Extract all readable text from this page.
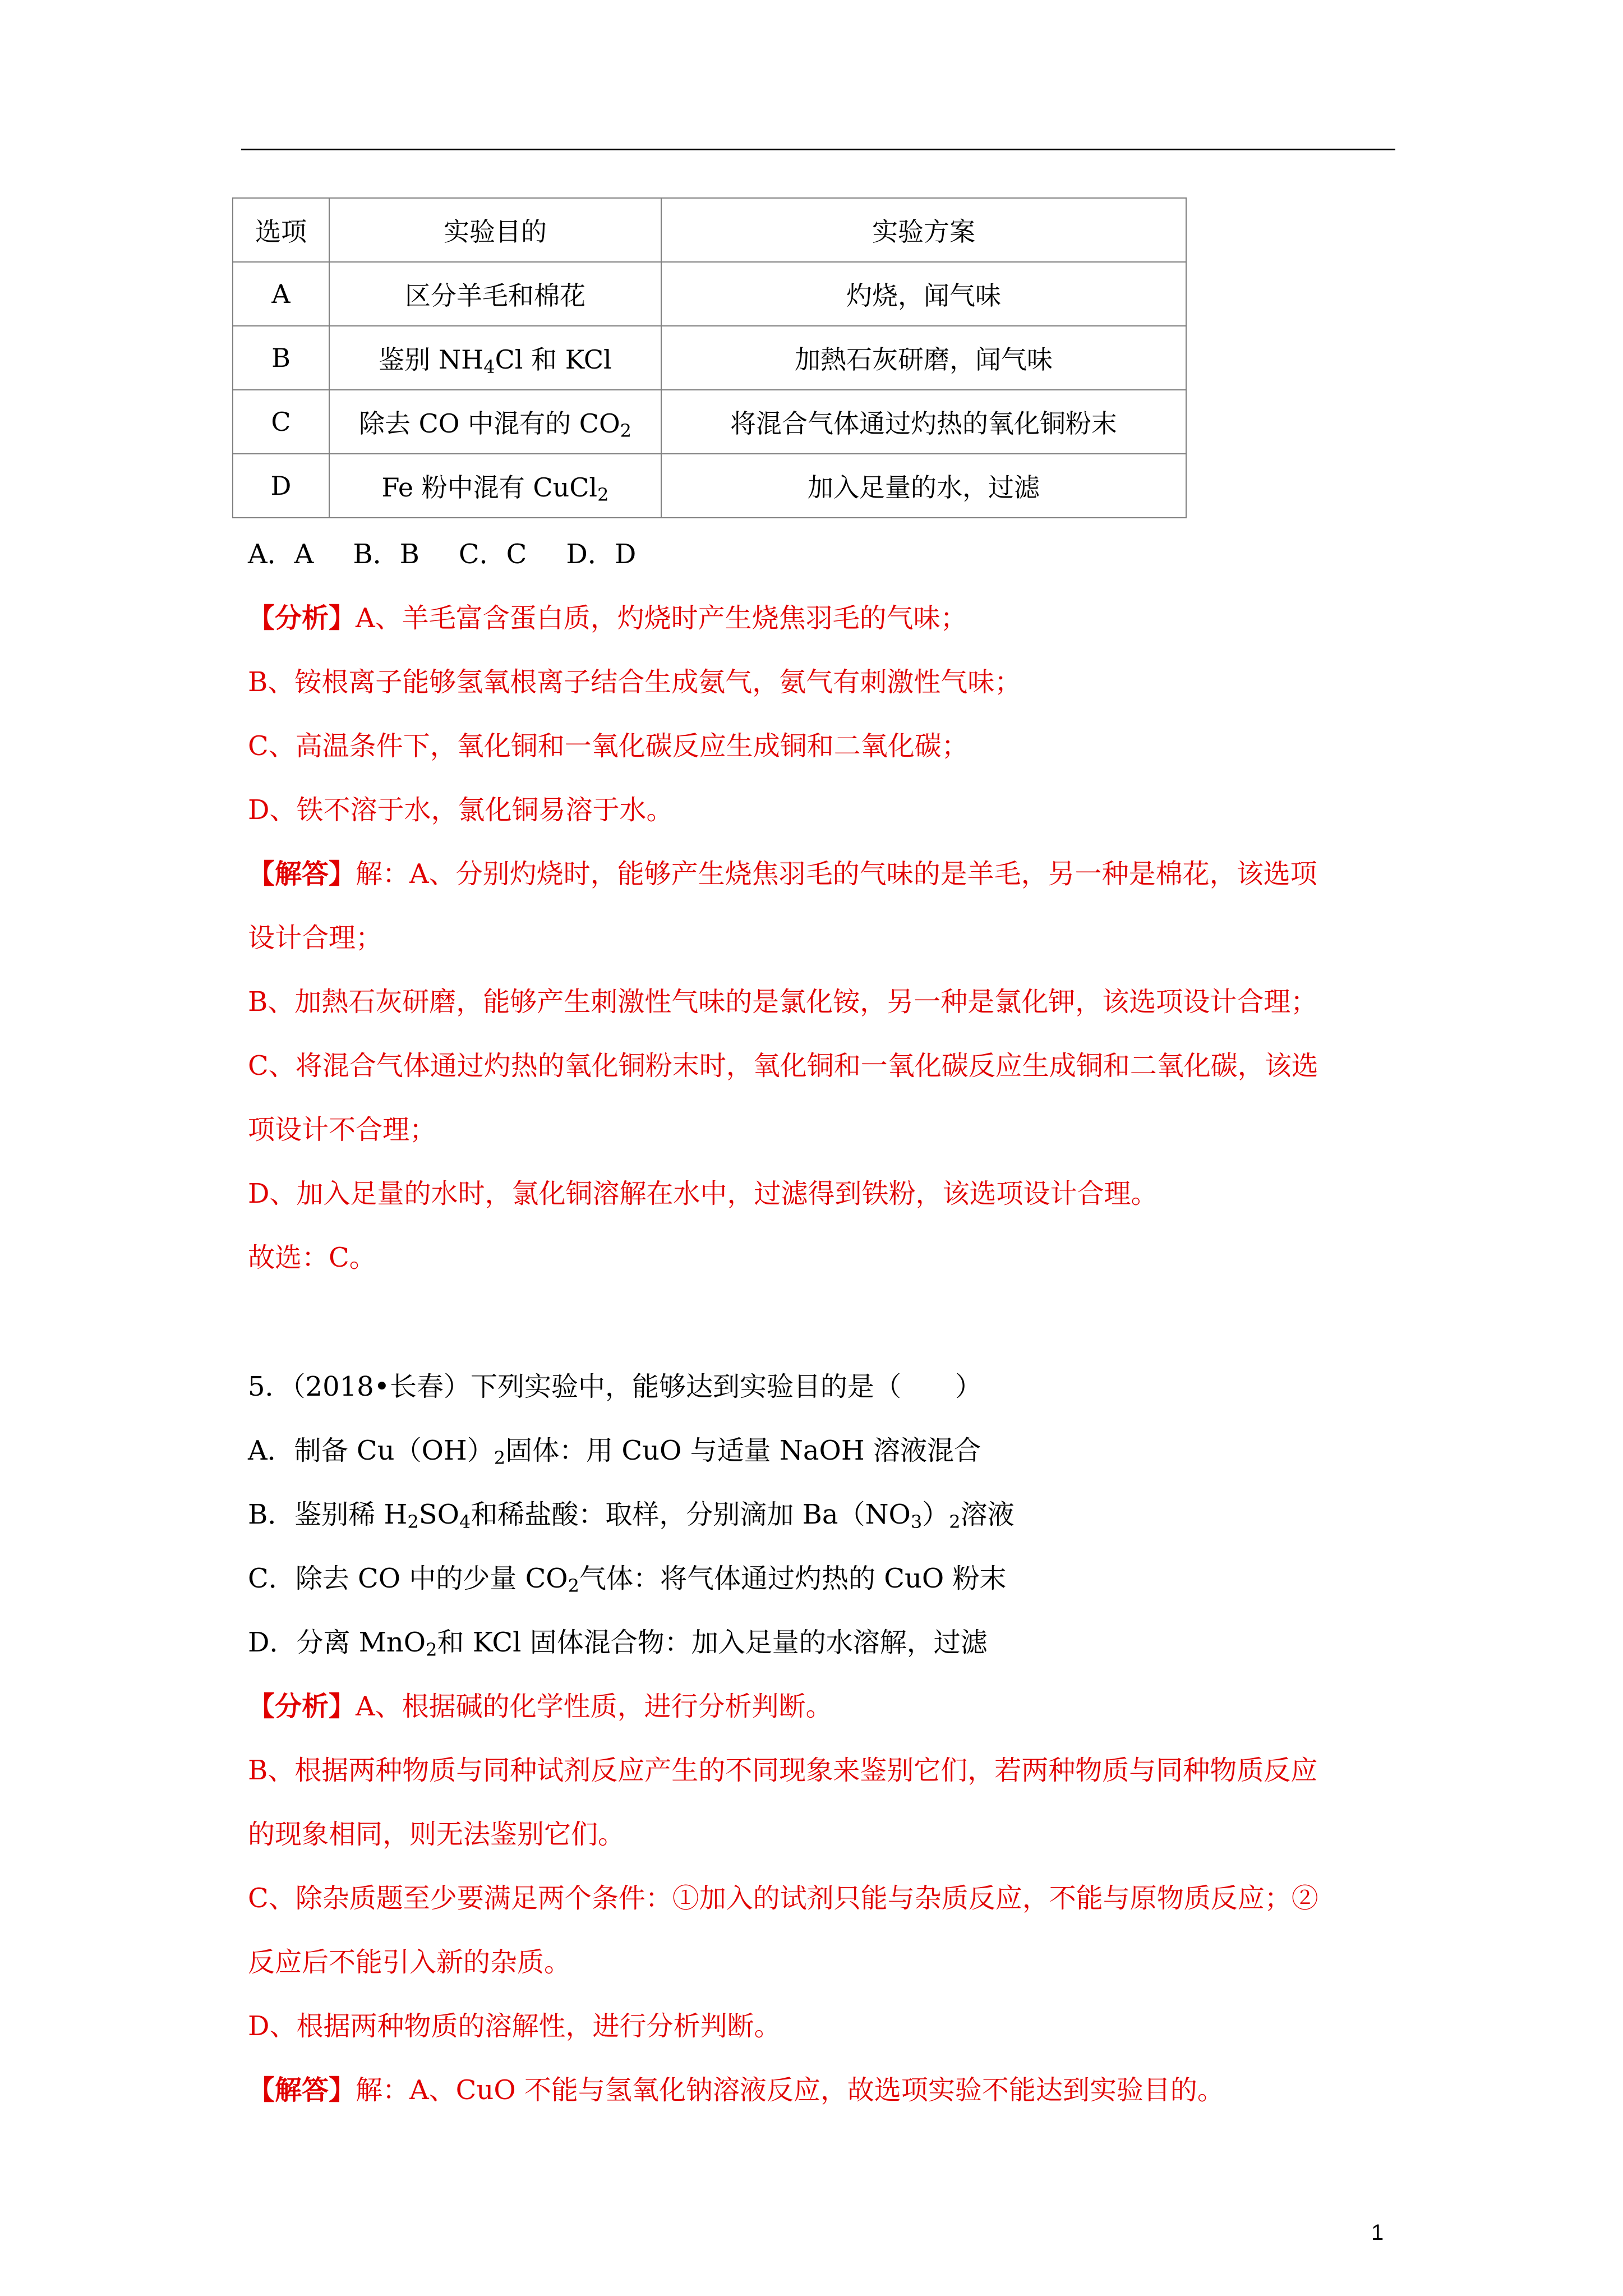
选项	实验目的	实验方案
A	区分羊毛和棉花	灼烧，闻气味
B	鉴别 $NH_4Cl$ 和 KCl	加熱石灰研磨，闻气味
C	除去 CO 中混有的 $CO_2$	将混合气体通过灼热的氧化铜粉末
D	Fe 粉中混有 CuCl$_2$	加入足量的水，过滤
A．A B．B C．C D．D
【分析】A、羊毛富含蛋白质，灼烧时产生烧焦羽毛的气味；
B、铵根离子能够氢氧根离子结合生成氨气，氨气有刺激性气味；
C、高温条件下，氧化铜和一氧化碳反应生成铜和二氧化碳；
D、铁不溶于水，氯化铜易溶于水。
【解答】解：A、分别灼烧时，能够产生烧焦羽毛的气味的是羊毛，另一种是棉花，该选项
设计合理；
B、加熱石灰研磨，能够产生刺激性气味的是氯化铵，另一种是氯化钾，该选项设计合理；
C、将混合气体通过灼热的氧化铜粉末时，氧化铜和一氧化碳反应生成铜和二氧化碳，该选
项设计不合理；
D、加入足量的水时，氯化铜溶解在水中，过滤得到铁粉，该选项设计合理。
故选：C。
5．（2018•长春）下列实验中，能够达到实验目的是（　　）
A．制备 $Cu(OH)_2$固体：用 CuO 与适量 NaOH 溶液混合
B．鉴别稀 $H_2SO_4$和稀盐酸：取样，分别滴加 $Ba(NO_3)_2$溶液
C．除去 CO 中的少量 $CO_2$气体：将气体通过灼热的 CuO 粉末
D．分离 MnO$_2$和 KCl 固体混合物：加入足量的水溶解，过滤
【分析】A、根据碱的化学性质，进行分析判断。
B、根据两种物质与同种试剂反应产生的不同现象来鉴别它们，若两种物质与同种物质反应
的现象相同，则无法鉴别它们。
C、除杂质题至少要满足两个条件：①加入的试剂只能与杂质反应，不能与原物质反应；②
反应后不能引入新的杂质。
D、根据两种物质的溶解性，进行分析判断。
【解答】解：A、CuO 不能与氢氧化钠溶液反应，故选项实验不能达到实验目的。
1
